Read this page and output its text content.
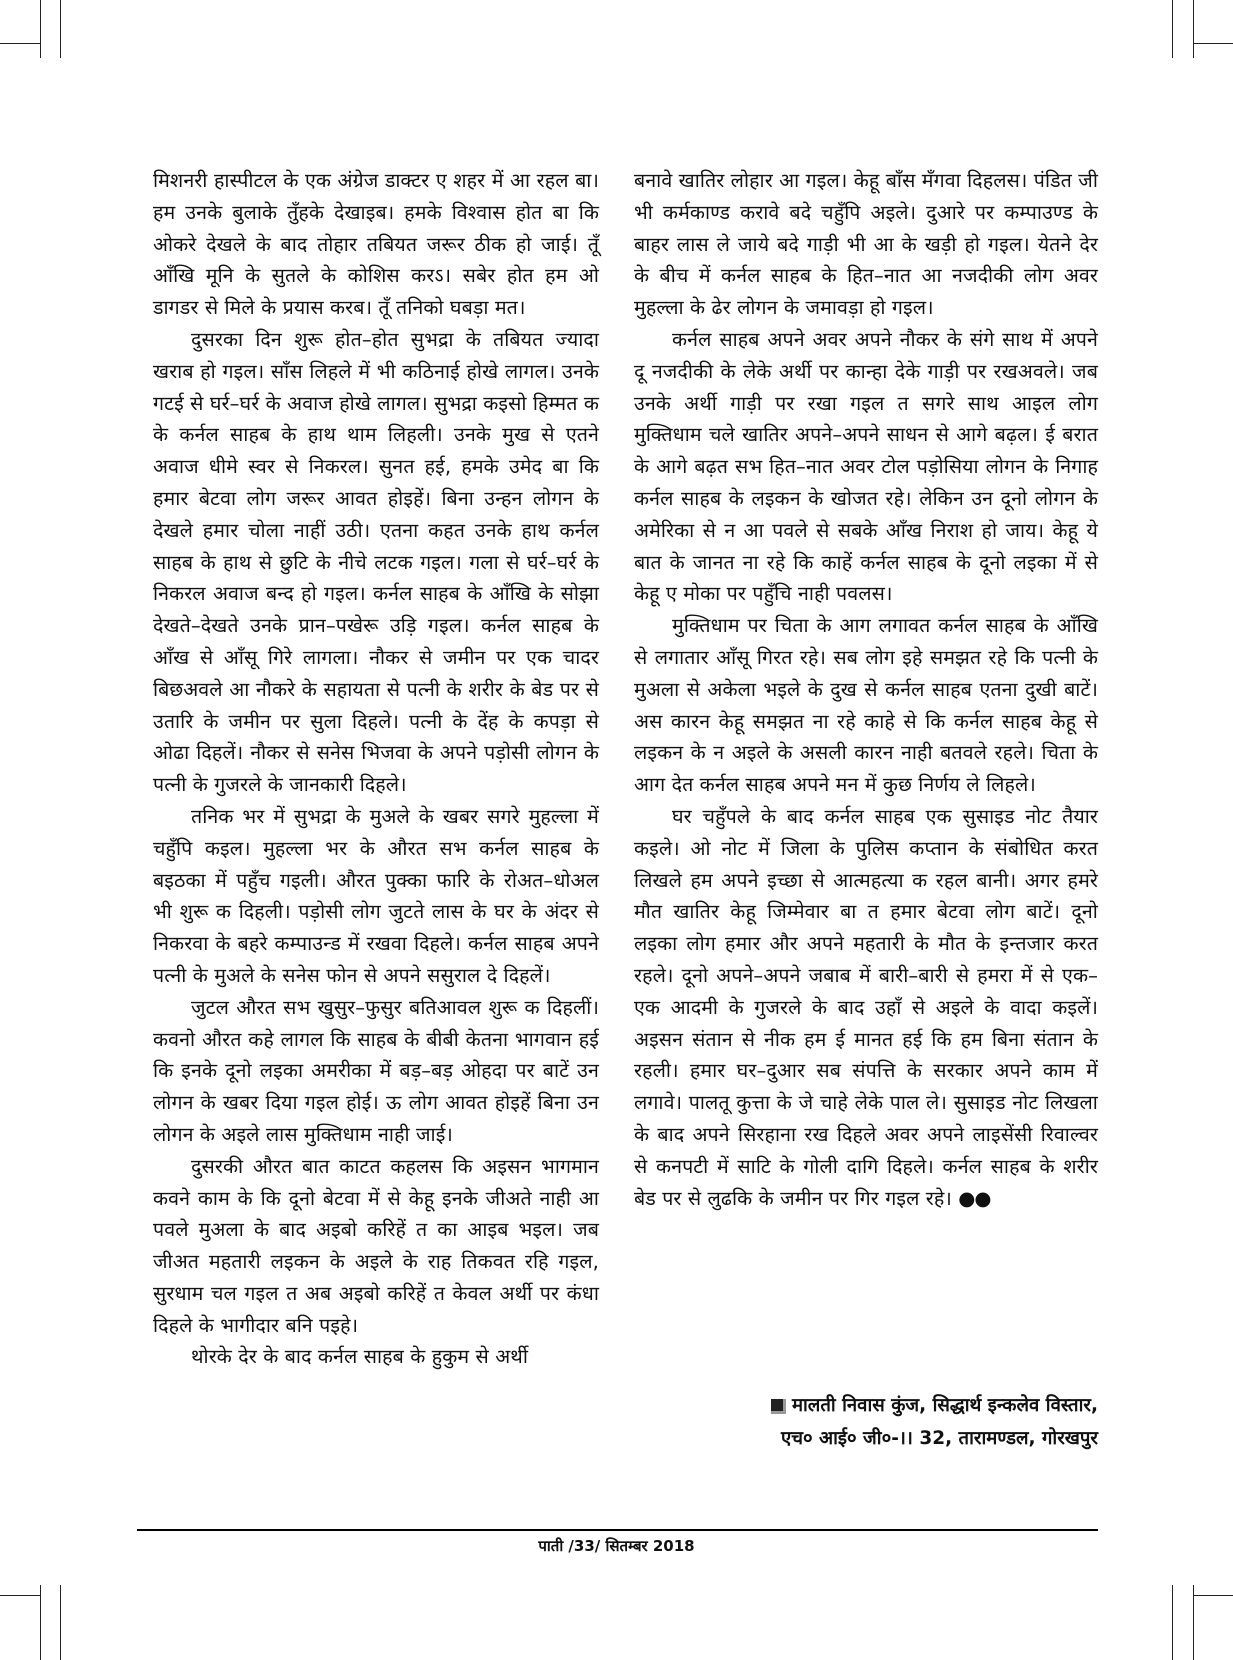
मिशनरी हास्पीटल के एक अंग्रेज डाक्टर ए शहर में आ रहल बा। हम उनके बुलाके तुँहके देखाइब। हमके विश्वास होत बा कि ओकरे देखले के बाद तोहार तबियत जरूर ठीक हो जाई। तूँ आँखि मूनि के सुतले के कोशिस करऽ। सबेर होत हम ओ डागडर से मिले के प्रयास करब। तूँ तनिको घबड़ा मत।

दुसरका दिन शुरू होत–होत सुभद्रा के तबियत ज्यादा खराब हो गइल। साँस लिहले में भी कठिनाई होखे लागल। उनके गटई से घर्र–घर्र के अवाज होखे लागल। सुभद्रा कइसो हिम्मत क के कर्नल साहब के हाथ थाम लिहली। उनके मुख से एतने अवाज धीमे स्वर से निकरल। सुनत हई, हमके उमेद बा कि हमार बेटवा लोग जरूर आवत होइहें। बिना उन्हन लोगन के देखले हमार चोला नाहीं उठी। एतना कहत उनके हाथ कर्नल साहब के हाथ से छुटि के नीचे लटक गइल। गला से घर्र–घर्र के निकरल अवाज बन्द हो गइल। कर्नल साहब के आँखि के सोझा देखते–देखते उनके प्रान–पखेरू उड़ि गइल। कर्नल साहब के आँख से आँसू गिरे लागला। नौकर से जमीन पर एक चादर बिछअवले आ नौकरे के सहायता से पत्नी के शरीर के बेड पर से उतारि के जमीन पर सुला दिहले। पत्नी के देंह के कपड़ा से ओढा दिहलें। नौकर से सनेस भिजवा के अपने पड़ोसी लोगन के पत्नी के गुजरले के जानकारी दिहले।

तनिक भर में सुभद्रा के मुअले के खबर सगरे मुहल्ला में चहुँपि कइल। मुहल्ला भर के औरत सभ कर्नल साहब के बइठका में पहुँच गइली। औरत पुक्का फारि के रोअत–धोअल भी शुरू क दिहली। पड़ोसी लोग जुटते लास के घर के अंदर से निकरवा के बहरे कम्पाउन्ड में रखवा दिहले। कर्नल साहब अपने पत्नी के मुअले के सनेस फोन से अपने ससुराल दे दिहलें।

जुटल औरत सभ खुसुर–फुसुर बतिआवल शुरू क दिहलीं। कवनो औरत कहे लागल कि साहब के बीबी केतना भागवान हई कि इनके दूनो लइका अमरीका में बड़–बड़ ओहदा पर बाटें उन लोगन के खबर दिया गइल होई। ऊ लोग आवत होइहें बिना उन लोगन के अइले लास मुक्तिधाम नाही जाई।

दुसरकी औरत बात काटत कहलस कि अइसन भागमान कवने काम के कि दूनो बेटवा में से केहू इनके जीअते नाही आ पवले मुअला के बाद अइबो करिहें त का आइब भइल। जब जीअत महतारी लइकन के अइले के राह तिकवत रहि गइल, सुरधाम चल गइल त अब अइबो करिहें त केवल अर्थी पर कंधा दिहले के भागीदार बनि पइहे।

थोरके देर के बाद कर्नल साहब के हुकुम से अर्थी

बनावे खातिर लोहार आ गइल। केहू बाँस मँगवा दिहलस। पंडित जी भी कर्मकाण्ड करावे बदे चहुँपि अइले। दुआरे पर कम्पाउण्ड के बाहर लास ले जाये बदे गाड़ी भी आ के खड़ी हो गइल। येतने देर के बीच में कर्नल साहब के हित–नात आ नजदीकी लोग अवर मुहल्ला के ढेर लोगन के जमावड़ा हो गइल।

कर्नल साहब अपने अवर अपने नौकर के संगे साथ में अपने दू नजदीकी के लेके अर्थी पर कान्हा देके गाड़ी पर रखअवले। जब उनके अर्थी गाड़ी पर रखा गइल त सगरे साथ आइल लोग मुक्तिधाम चले खातिर अपने–अपने साधन से आगे बढ़ल। ई बरात के आगे बढ़त सभ हित–नात अवर टोल पड़ोसिया लोगन के निगाह कर्नल साहब के लइकन के खोजत रहे। लेकिन उन दूनो लोगन के अमेरिका से न आ पवले से सबके आँख निराश हो जाय। केहू ये बात के जानत ना रहे कि काहें कर्नल साहब के दूनो लइका में से केहू ए मोका पर पहुँचि नाही पवलस।

मुक्तिधाम पर चिता के आग लगावत कर्नल साहब के आँखि से लगातार आँसू गिरत रहे। सब लोग इहे समझत रहे कि पत्नी के मुअला से अकेला भइले के दुख से कर्नल साहब एतना दुखी बाटें। अस कारन केहू समझत ना रहे काहे से कि कर्नल साहब केहू से लइकन के न अइले के असली कारन नाही बतवले रहले। चिता के आग देत कर्नल साहब अपने मन में कुछ निर्णय ले लिहले।

घर चहुँपले के बाद कर्नल साहब एक सुसाइड नोट तैयार कइले। ओ नोट में जिला के पुलिस कप्तान के संबोधित करत लिखले हम अपने इच्छा से आत्महत्या क रहल बानी। अगर हमरे मौत खातिर केहू जिम्मेवार बा त हमार बेटवा लोग बाटें। दूनो लइका लोग हमार और अपने महतारी के मौत के इन्तजार करत रहले। दूनो अपने–अपने जबाब में बारी–बारी से हमरा में से एक–एक आदमी के गुजरले के बाद उहाँ से अइले के वादा कइलें। अइसन संतान से नीक हम ई मानत हई कि हम बिना संतान के रहली। हमार घर–दुआर सब संपत्ति के सरकार अपने काम में लगावे। पालतू कुत्ता के जे चाहे लेके पाल ले। सुसाइड नोट लिखला के बाद अपने सिरहाना रख दिहले अवर अपने लाइसेंसी रिवाल्वर से कनपटी में साटि के गोली दागि दिहले। कर्नल साहब के शरीर बेड पर से लुढकि के जमीन पर गिर गइल रहे। ●●

मालती निवास कुंज, सिद्धार्थ इन्कलेव विस्तार,
एच० आई० जी०-।। 32, तारामण्डल, गोरखपुर
पाती /33/ सितम्बर 2018
